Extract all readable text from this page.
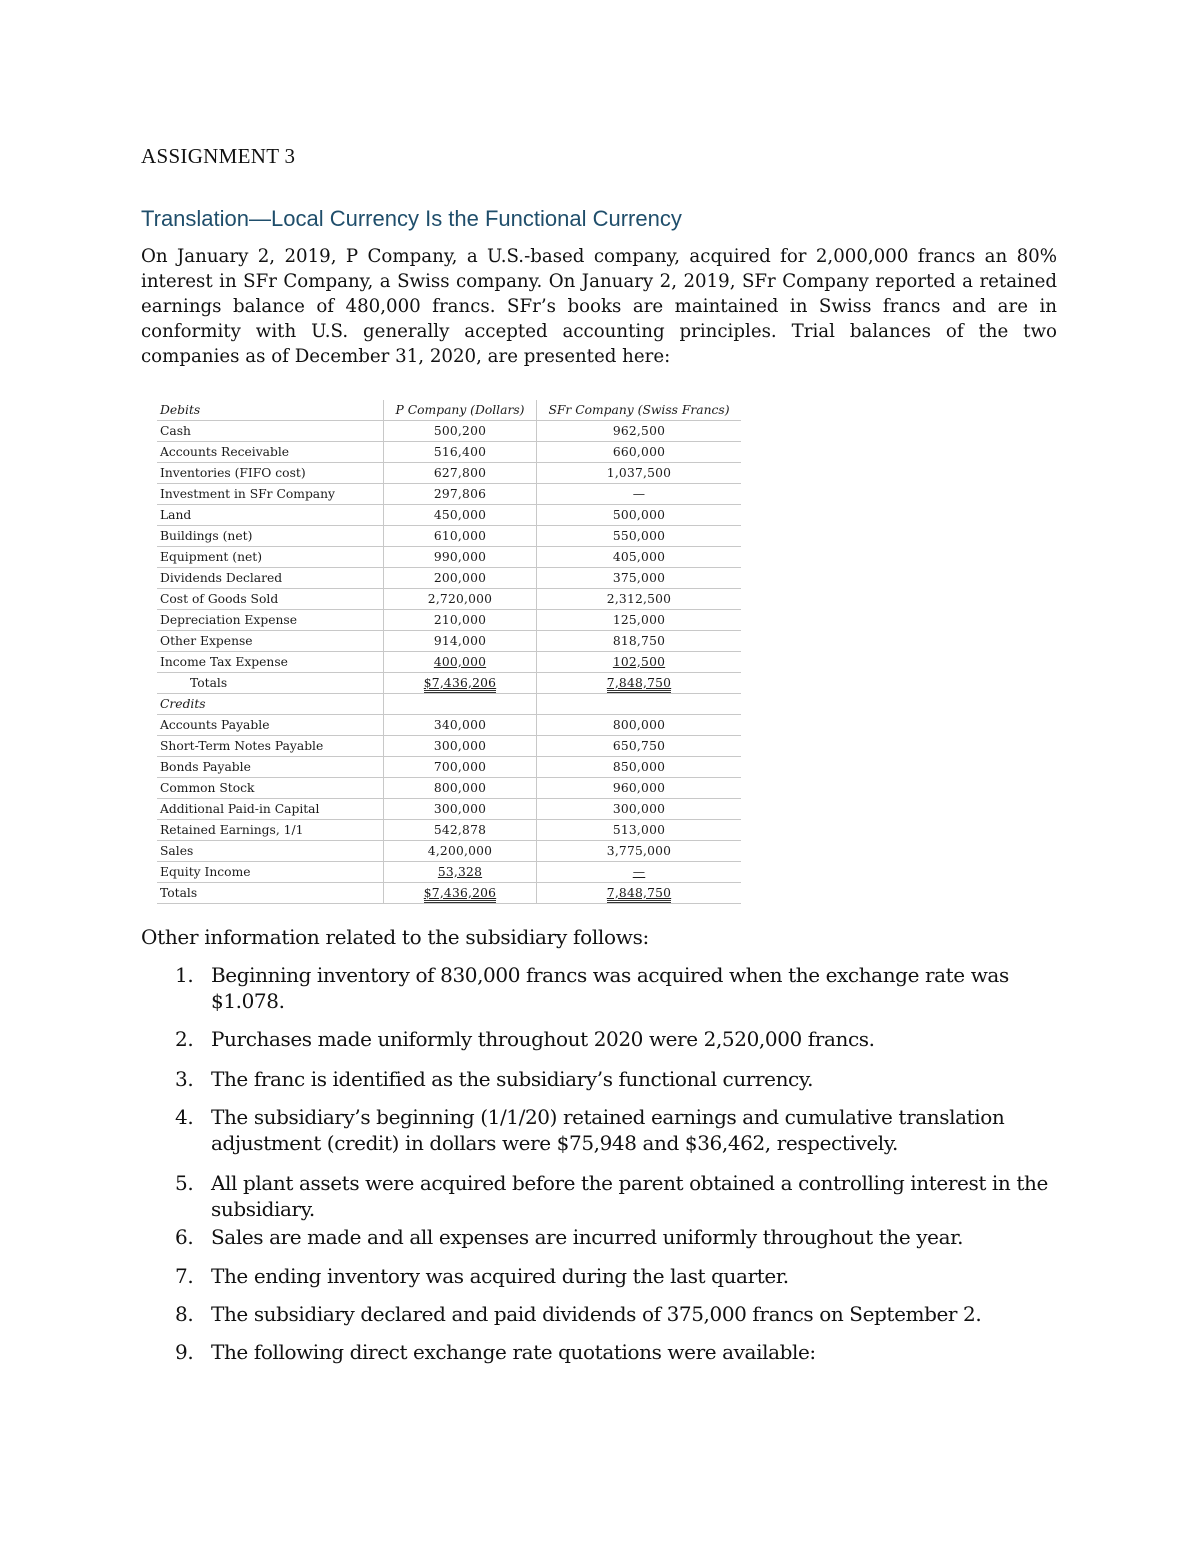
ASSIGNMENT 3
Translation—Local Currency Is the Functional Currency

On January 2, 2019, P Company, a U.S.-based company, acquired for 2,000,000 francs an 80% interest in SFr Company, a Swiss company. On January 2, 2019, SFr Company reported a retained earnings balance of 480,000 francs. SFr’s books are maintained in Swiss francs and are in conformity with U.S. generally accepted accounting principles. Trial balances of the two companies as of December 31, 2020, are presented here:

Debits	P Company (Dollars)	SFr Company (Swiss Francs)
Cash	500,200	962,500
Accounts Receivable	516,400	660,000
Inventories (FIFO cost)	627,800	1,037,500
Investment in SFr Company	297,806	—
Land	450,000	500,000
Buildings (net)	610,000	550,000
Equipment (net)	990,000	405,000
Dividends Declared	200,000	375,000
Cost of Goods Sold	2,720,000	2,312,500
Depreciation Expense	210,000	125,000
Other Expense	914,000	818,750
Income Tax Expense	400,000	102,500
Totals	$7,436,206	7,848,750
Credits		
Accounts Payable	340,000	800,000
Short-Term Notes Payable	300,000	650,750
Bonds Payable	700,000	850,000
Common Stock	800,000	960,000
Additional Paid-in Capital	300,000	300,000
Retained Earnings, 1/1	542,878	513,000
Sales	4,200,000	3,775,000
Equity Income	53,328	—
Totals	$7,436,206	7,848,750
Other information related to the subsidiary follows:
1. Beginning inventory of 830,000 francs was acquired when the exchange rate was $1.078.
2. Purchases made uniformly throughout 2020 were 2,520,000 francs.
3. The franc is identified as the subsidiary’s functional currency.
4. The subsidiary’s beginning (1/1/20) retained earnings and cumulative translation adjustment (credit) in dollars were $75,948 and $36,462, respectively.
5. All plant assets were acquired before the parent obtained a controlling interest in the subsidiary.
6. Sales are made and all expenses are incurred uniformly throughout the year.
7. The ending inventory was acquired during the last quarter.
8. The subsidiary declared and paid dividends of 375,000 francs on September 2.
9. The following direct exchange rate quotations were available:
